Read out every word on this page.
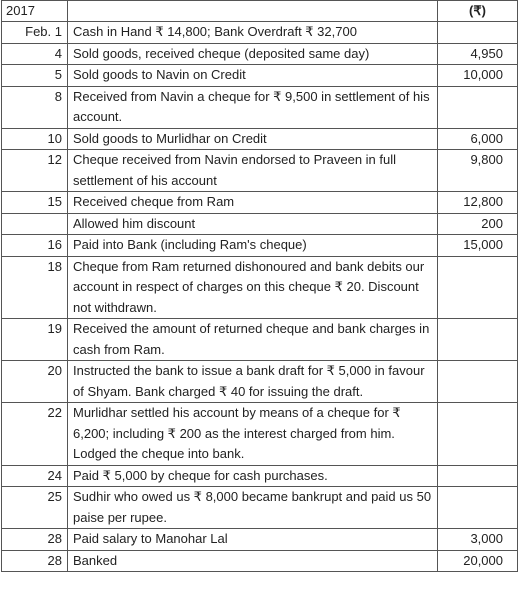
2017		(₹)
Feb. 1	Cash in Hand ₹ 14,800; Bank Overdraft ₹ 32,700	
4	Sold goods, received cheque (deposited same day)	4,950
5	Sold goods to Navin on Credit	10,000
8	Received from Navin a cheque for ₹ 9,500 in settlement of his account.	
10	Sold goods to Murlidhar on Credit	6,000
12	Cheque received from Navin endorsed to Praveen in full settlement of his account	9,800
15	Received cheque from Ram	12,800
	Allowed him discount	200
16	Paid into Bank (including Ram's cheque)	15,000
18	Cheque from Ram returned dishonoured and bank debits our account in respect of charges on this cheque ₹ 20. Discount not withdrawn.	
19	Received the amount of returned cheque and bank charges in cash from Ram.	
20	Instructed the bank to issue a bank draft for ₹ 5,000 in favour of Shyam. Bank charged ₹ 40 for issuing the draft.	
22	Murlidhar settled his account by means of a cheque for ₹ 6,200; including ₹ 200 as the interest charged from him. Lodged the cheque into bank.	
24	Paid ₹ 5,000 by cheque for cash purchases.	
25	Sudhir who owed us ₹ 8,000 became bankrupt and paid us 50 paise per rupee.	
28	Paid salary to Manohar Lal	3,000
28	Banked	20,000
